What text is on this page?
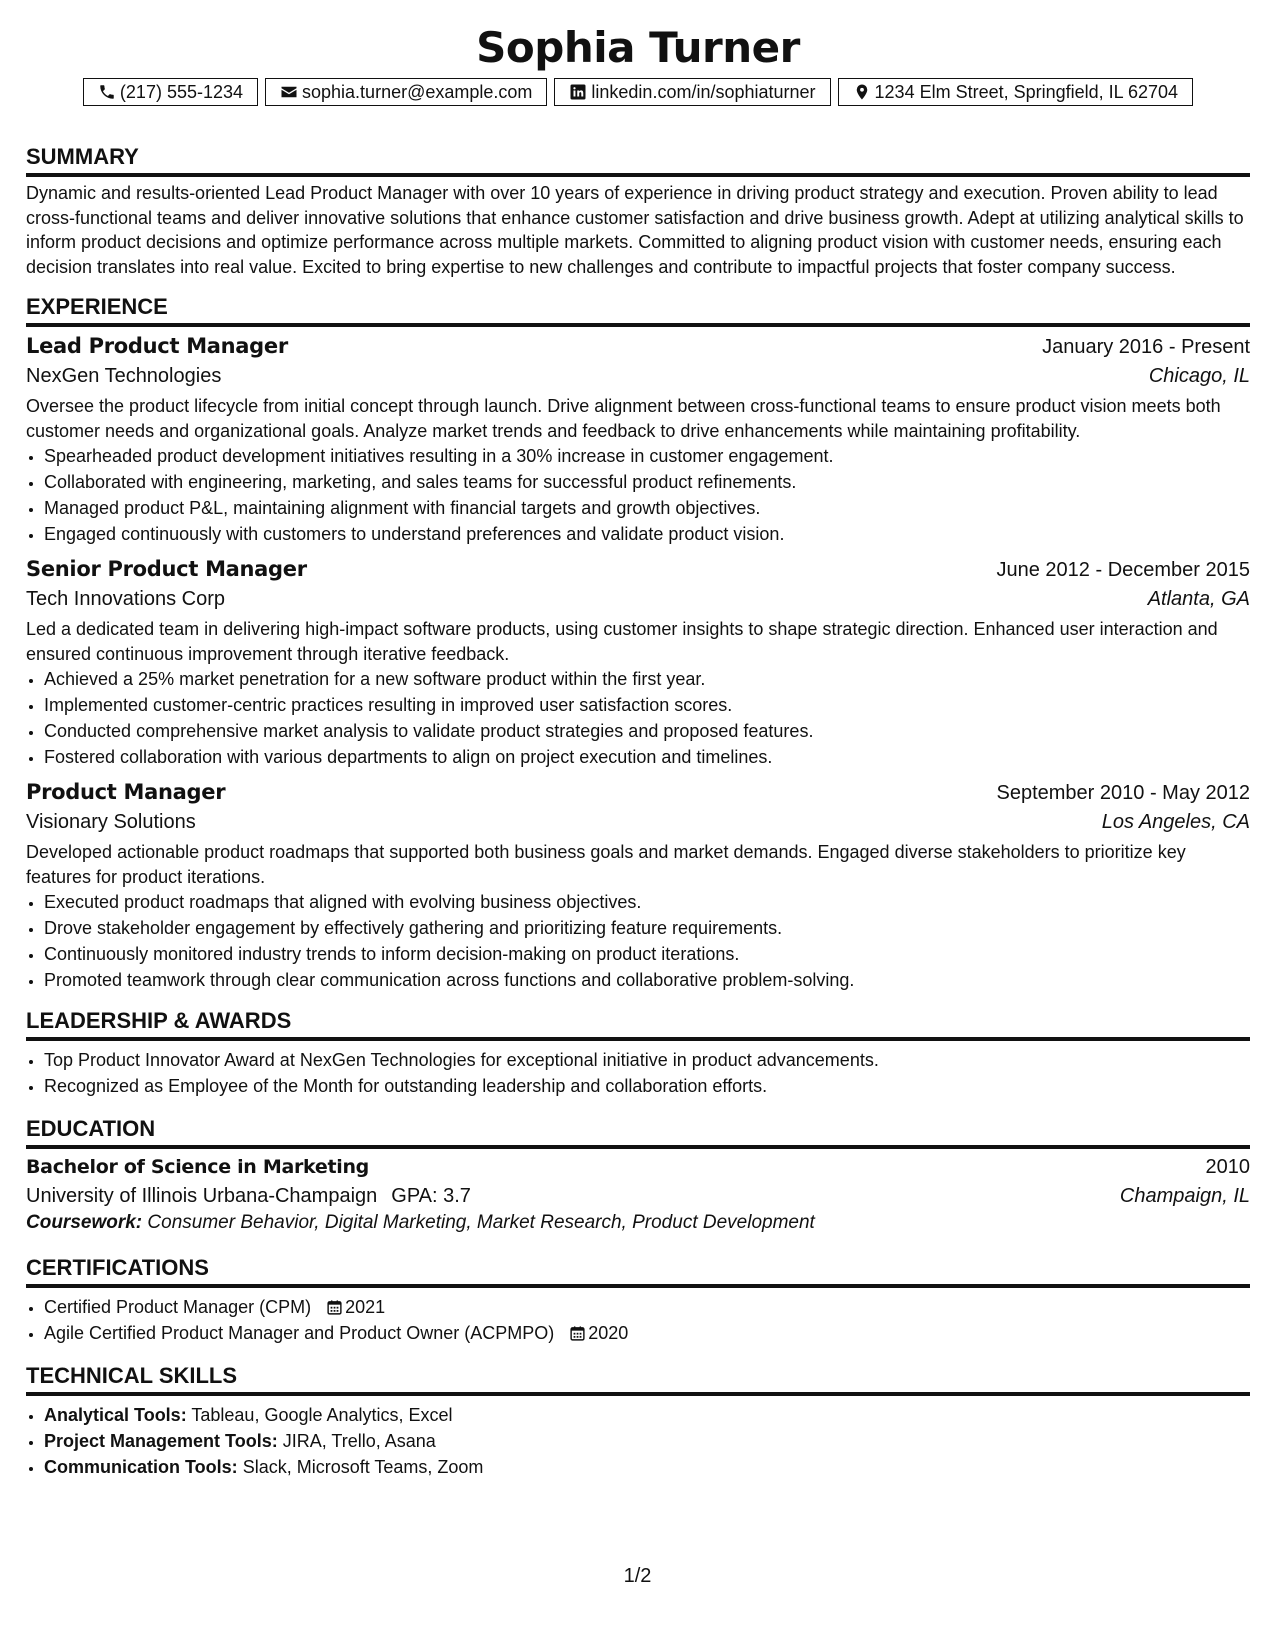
Sophia Turner
(217) 555-1234	sophia.turner@example.com	linkedin.com/in/sophiaturner	1234 Elm Street, Springfield, IL 62704
SUMMARY

Dynamic and results-oriented Lead Product Manager with over 10 years of experience in driving product strategy and execution. Proven ability to lead cross-functional teams and deliver innovative solutions that enhance customer satisfaction and drive business growth. Adept at utilizing analytical skills to inform product decisions and optimize performance across multiple markets. Committed to aligning product vision with customer needs, ensuring each decision translates into real value. Excited to bring expertise to new challenges and contribute to impactful projects that foster company success.

EXPERIENCE
Lead Product Manager	January 2016 - Present
NexGen Technologies	Chicago, IL

Oversee the product lifecycle from initial concept through launch. Drive alignment between cross-functional teams to ensure product vision meets both customer needs and organizational goals. Analyze market trends and feedback to drive enhancements while maintaining profitability.

• Spearheaded product development initiatives resulting in a 30% increase in customer engagement.
• Collaborated with engineering, marketing, and sales teams for successful product refinements.
• Managed product P&L, maintaining alignment with financial targets and growth objectives.
• Engaged continuously with customers to understand preferences and validate product vision.
Senior Product Manager	June 2012 - December 2015
Tech Innovations Corp	Atlanta, GA

Led a dedicated team in delivering high-impact software products, using customer insights to shape strategic direction. Enhanced user interaction and ensured continuous improvement through iterative feedback.

• Achieved a 25% market penetration for a new software product within the first year.
• Implemented customer-centric practices resulting in improved user satisfaction scores.
• Conducted comprehensive market analysis to validate product strategies and proposed features.
• Fostered collaboration with various departments to align on project execution and timelines.
Product Manager	September 2010 - May 2012
Visionary Solutions	Los Angeles, CA

Developed actionable product roadmaps that supported both business goals and market demands. Engaged diverse stakeholders to prioritize key features for product iterations.

• Executed product roadmaps that aligned with evolving business objectives.
• Drove stakeholder engagement by effectively gathering and prioritizing feature requirements.
• Continuously monitored industry trends to inform decision-making on product iterations.
• Promoted teamwork through clear communication across functions and collaborative problem-solving.
LEADERSHIP & AWARDS
• Top Product Innovator Award at NexGen Technologies for exceptional initiative in product advancements.
• Recognized as Employee of the Month for outstanding leadership and collaboration efforts.
EDUCATION
Bachelor of Science in Marketing	2010
University of Illinois Urbana-Champaign GPA: 3.7	Champaign, IL
Coursework: Consumer Behavior, Digital Marketing, Market Research, Product Development
CERTIFICATIONS
• Certified Product Manager (CPM) 2021
• Agile Certified Product Manager and Product Owner (ACPMPO) 2020
TECHNICAL SKILLS
• Analytical Tools: Tableau, Google Analytics, Excel
• Project Management Tools: JIRA, Trello, Asana
• Communication Tools: Slack, Microsoft Teams, Zoom
1/2
